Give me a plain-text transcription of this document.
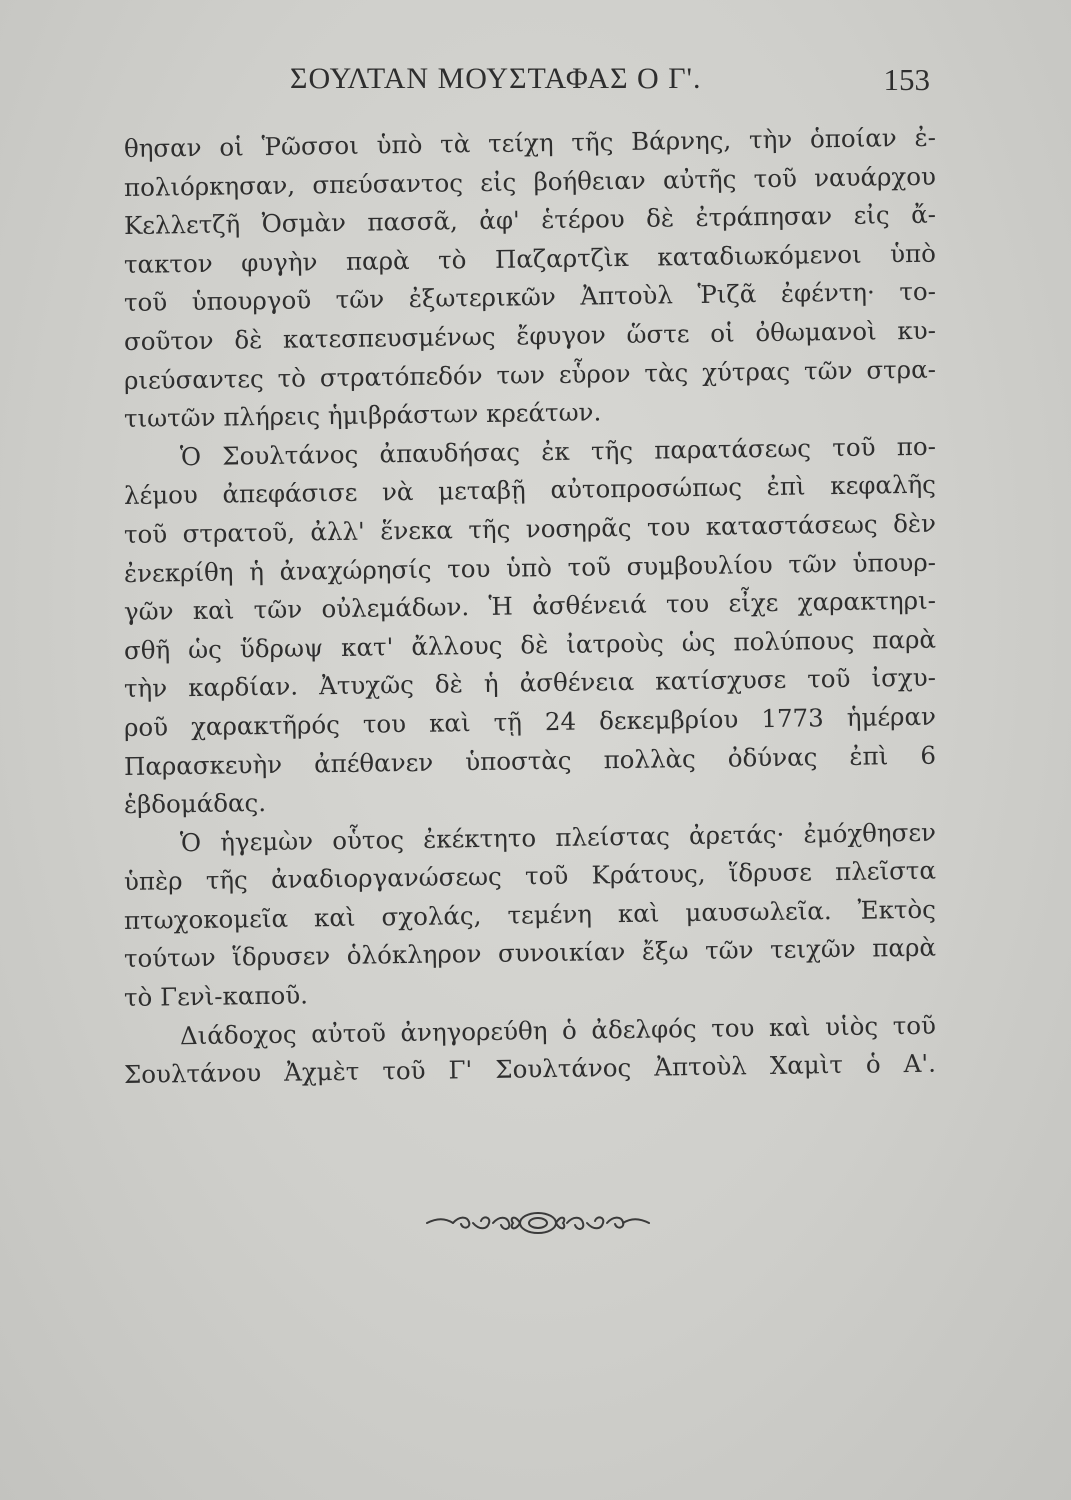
ΣΟΥΛΤΑΝ ΜΟΥΣΤΑΦΑΣ Ο Γ'.	153
θησαν οἱ Ῥῶσσοι ὑπὸ τὰ τείχη τῆς Βάρνης, τὴν ὁποίαν ἐ-
πολιόρκησαν, σπεύσαντος εἰς βοήθειαν αὐτῆς τοῦ ναυάρχου
Κελλετζῆ Ὀσμὰν πασσᾶ, ἀφ' ἑτέρου δὲ ἐτράπησαν εἰς ἄ-
τακτον φυγὴν παρὰ τὸ Παζαρτζὶκ καταδιωκόμενοι ὑπὸ
τοῦ ὑπουργοῦ τῶν ἐξωτερικῶν Ἀπτοὺλ Ῥιζᾶ ἐφέντη· το-
σοῦτον δὲ κατεσπευσμένως ἔφυγον ὥστε οἱ ὀθωμανοὶ κυ-
ριεύσαντες τὸ στρατόπεδόν των εὗρον τὰς χύτρας τῶν στρα-
τιωτῶν πλήρεις ἡμιβράστων κρεάτων.
Ὁ Σουλτάνος ἀπαυδήσας ἐκ τῆς παρατάσεως τοῦ πο-
λέμου ἀπεφάσισε νὰ μεταβῇ αὐτοπροσώπως ἐπὶ κεφαλῆς
τοῦ στρατοῦ, ἀλλ' ἕνεκα τῆς νοσηρᾶς του καταστάσεως δὲν
ἐνεκρίθη ἡ ἀναχώρησίς του ὑπὸ τοῦ συμβουλίου τῶν ὑπουρ-
γῶν καὶ τῶν οὐλεμάδων. Ἡ ἀσθένειά του εἶχε χαρακτηρι-
σθῆ ὡς ὕδρωψ κατ' ἄλλους δὲ ἰατροὺς ὡς πολύπους παρὰ
τὴν καρδίαν. Ἀτυχῶς δὲ ἡ ἀσθένεια κατίσχυσε τοῦ ἰσχυ-
ροῦ χαρακτῆρός του καὶ τῇ 24 δεκεμβρίου 1773 ἡμέραν
Παρασκευὴν ἀπέθανεν ὑποστὰς πολλὰς ὀδύνας ἐπὶ 6
ἑβδομάδας.
Ὁ ἡγεμὼν οὗτος ἐκέκτητο πλείστας ἀρετάς· ἐμόχθησεν
ὑπὲρ τῆς ἀναδιοργανώσεως τοῦ Κράτους, ἵδρυσε πλεῖστα
πτωχοκομεῖα καὶ σχολάς, τεμένη καὶ μαυσωλεῖα. Ἐκτὸς
τούτων ἵδρυσεν ὁλόκληρον συνοικίαν ἔξω τῶν τειχῶν παρὰ
τὸ Γενὶ-καποῦ.
Διάδοχος αὐτοῦ ἀνηγορεύθη ὁ ἀδελφός του καὶ υἱὸς τοῦ
Σουλτάνου Ἀχμὲτ τοῦ Γ' Σουλτάνος Ἀπτοὺλ Χαμὶτ ὁ Α'.
